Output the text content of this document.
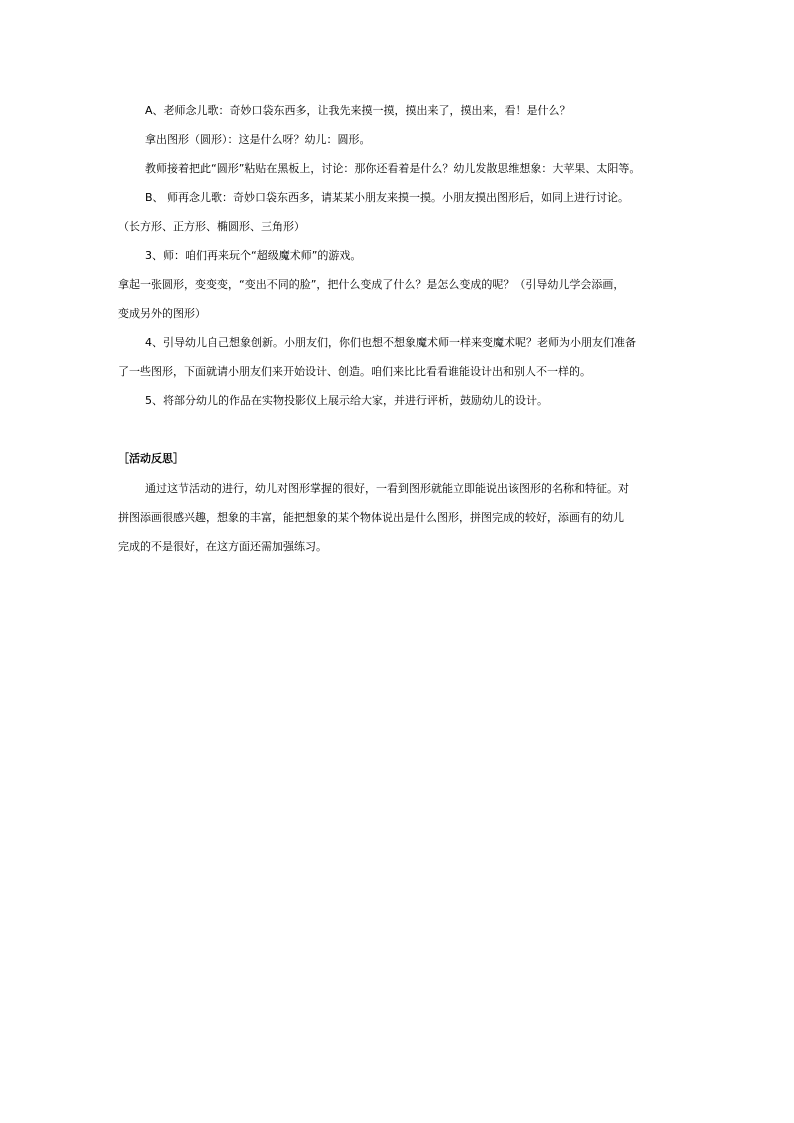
A、老师念儿歌：奇妙口袋东西多，让我先来摸一摸，摸出来了，摸出来，看！是什么？
拿出图形（圆形）：这是什么呀？幼儿：圆形。
教师接着把此“圆形”粘贴在黑板上，讨论：那你还看着是什么？幼儿发散思维想象：大苹果、太阳等。
B、 师再念儿歌：奇妙口袋东西多，请某某小朋友来摸一摸。小朋友摸出图形后，如同上进行讨论。
（长方形、正方形、椭圆形、三角形）
3、师：咱们再来玩个“超级魔术师”的游戏。
拿起一张圆形，变变变，“变出不同的脸”，把什么变成了什么？是怎么变成的呢？（引导幼儿学会添画，
变成另外的图形）
4、引导幼儿自己想象创新。小朋友们，你们也想不想象魔术师一样来变魔术呢？老师为小朋友们准备
了一些图形，下面就请小朋友们来开始设计、创造。咱们来比比看看谁能设计出和别人不一样的。
5、将部分幼儿的作品在实物投影仪上展示给大家，并进行评析，鼓励幼儿的设计。
［活动反思］
通过这节活动的进行，幼儿对图形掌握的很好，一看到图形就能立即能说出该图形的名称和特征。对
拼图添画很感兴趣，想象的丰富，能把想象的某个物体说出是什么图形，拼图完成的较好，添画有的幼儿
完成的不是很好，在这方面还需加强练习。
